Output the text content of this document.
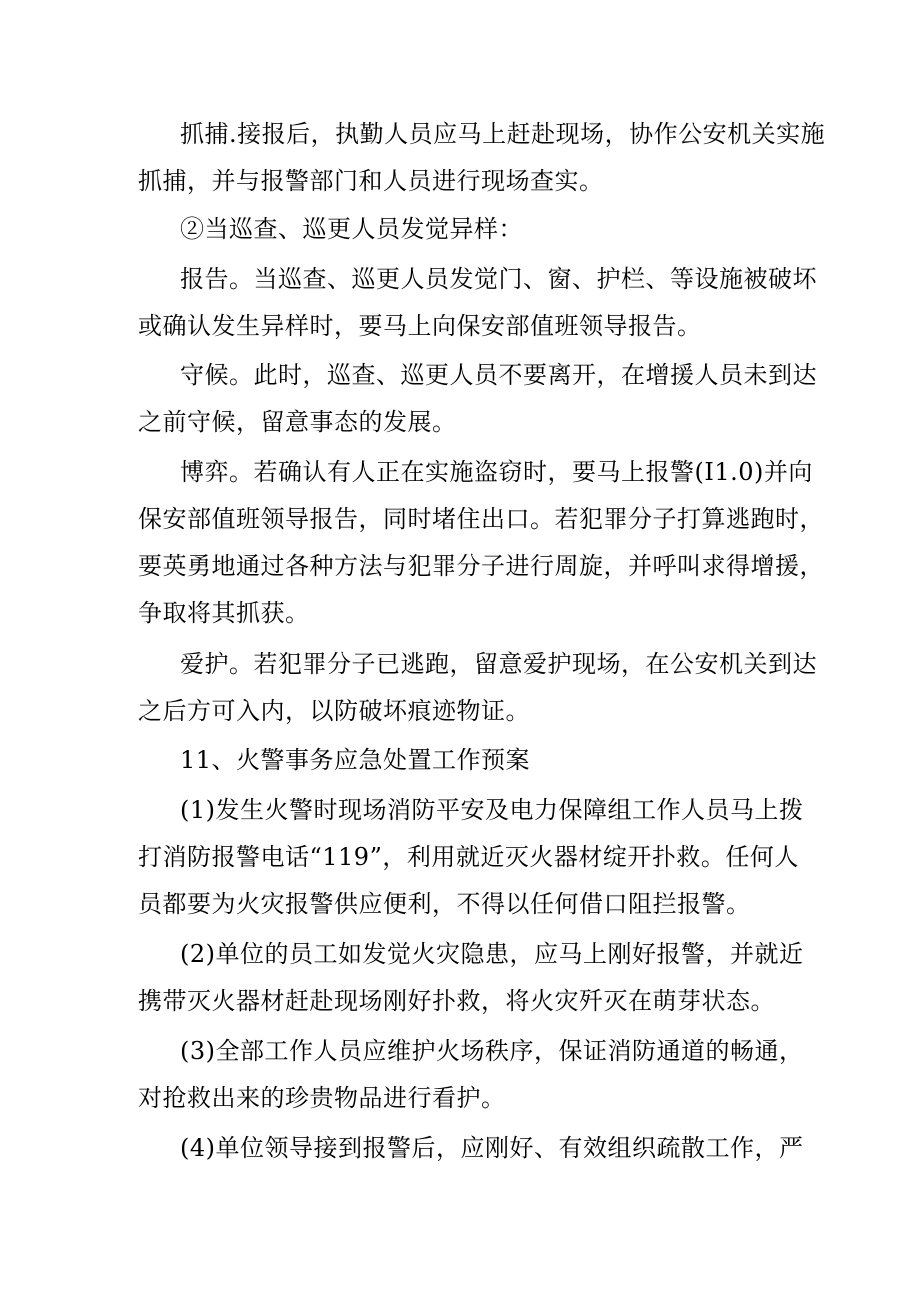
抓捕.接报后，执勤人员应马上赶赴现场，协作公安机关实施
抓捕，并与报警部门和人员进行现场查实。
②当巡查、巡更人员发觉异样：
报告。当巡查、巡更人员发觉门、窗、护栏、等设施被破坏
或确认发生异样时，要马上向保安部值班领导报告。
守候。此时，巡查、巡更人员不要离开，在增援人员未到达
之前守候，留意事态的发展。
博弈。若确认有人正在实施盗窃时，要马上报警(I1.0)并向
保安部值班领导报告，同时堵住出口。若犯罪分子打算逃跑时，
要英勇地通过各种方法与犯罪分子进行周旋，并呼叫求得增援，
争取将其抓获。
爱护。若犯罪分子已逃跑，留意爱护现场，在公安机关到达
之后方可入内，以防破坏痕迹物证。
11、火警事务应急处置工作预案
(1)发生火警时现场消防平安及电力保障组工作人员马上拨
打消防报警电话“119”，利用就近灭火器材绽开扑救。任何人
员都要为火灾报警供应便利，不得以任何借口阻拦报警。
(2)单位的员工如发觉火灾隐患，应马上刚好报警，并就近
携带灭火器材赶赴现场刚好扑救，将火灾歼灭在萌芽状态。
(3)全部工作人员应维护火场秩序，保证消防通道的畅通，
对抢救出来的珍贵物品进行看护。
(4)单位领导接到报警后，应刚好、有效组织疏散工作，严
